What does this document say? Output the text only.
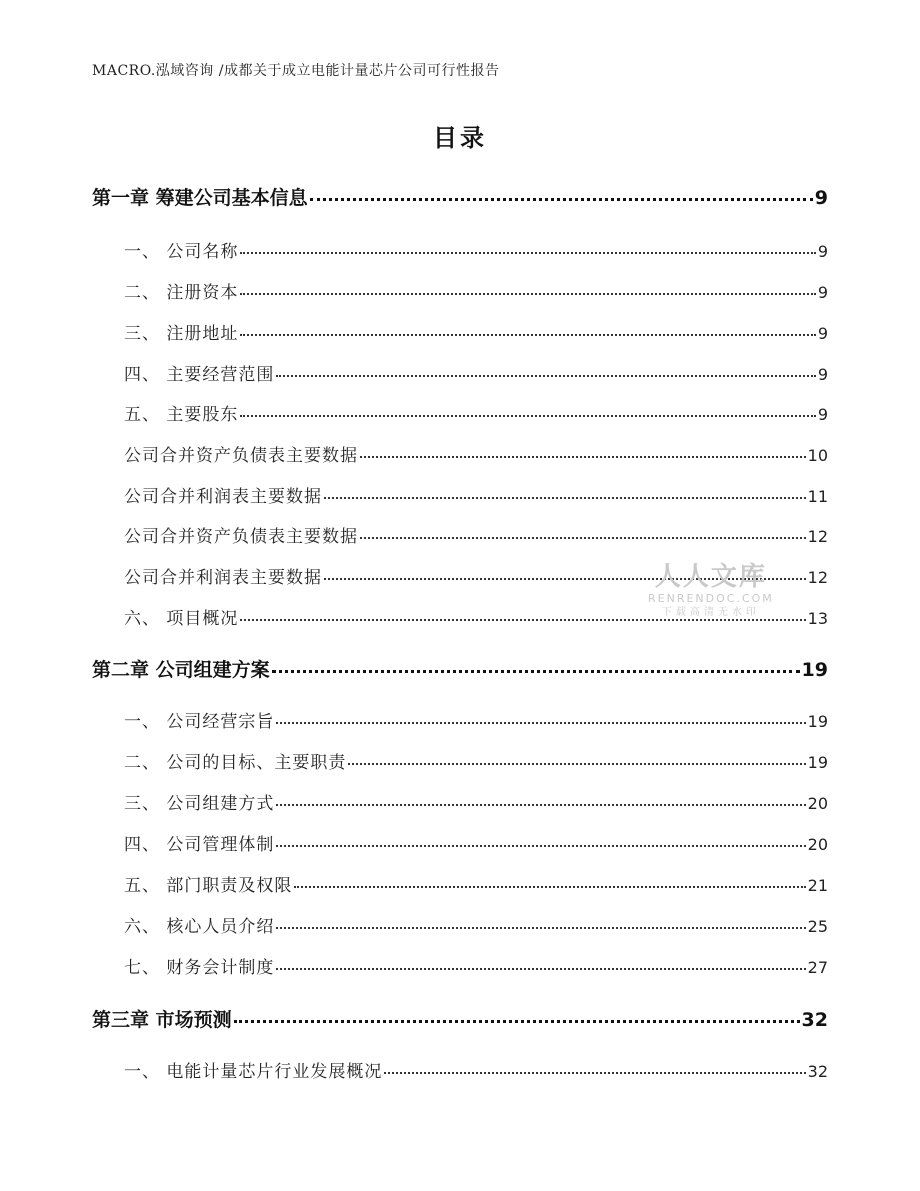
MACRO.泓域咨询 /成都关于成立电能计量芯片公司可行性报告
目录
第一章 筹建公司基本信息	9
一、 公司名称	9
二、 注册资本	9
三、 注册地址	9
四、 主要经营范围	9
五、 主要股东	9
公司合并资产负债表主要数据	10
公司合并利润表主要数据	11
公司合并资产负债表主要数据	12
公司合并利润表主要数据	12
六、 项目概况	13
第二章 公司组建方案	19
一、 公司经营宗旨	19
二、 公司的目标、主要职责	19
三、 公司组建方式	20
四、 公司管理体制	20
五、 部门职责及权限	21
六、 核心人员介绍	25
七、 财务会计制度	27
第三章 市场预测	32
一、 电能计量芯片行业发展概况	32
人人文库
RENRENDOC.COM
下载高清无水印
